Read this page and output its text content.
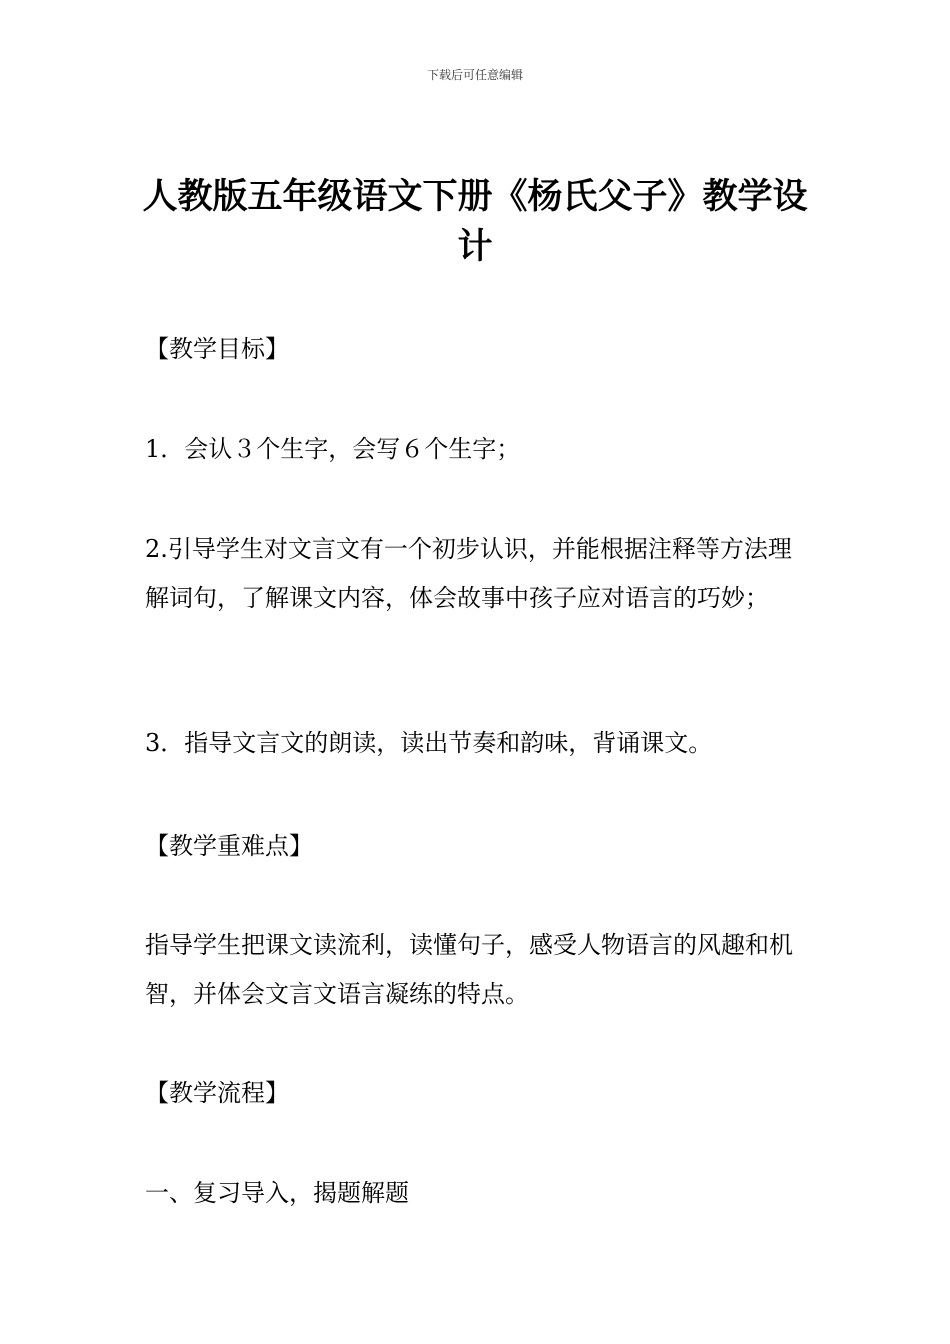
下载后可任意编辑
人教版五年级语文下册《杨氏父子》教学设计

【教学目标】

1．会认３个生字，会写６个生字；

2.引导学生对文言文有一个初步认识，并能根据注释等方法理解词句，了解课文内容，体会故事中孩子应对语言的巧妙；

3．指导文言文的朗读，读出节奏和韵味，背诵课文。

【教学重难点】

指导学生把课文读流利，读懂句子，感受人物语言的风趣和机智，并体会文言文语言凝练的特点。

【教学流程】

一、复习导入，揭题解题
